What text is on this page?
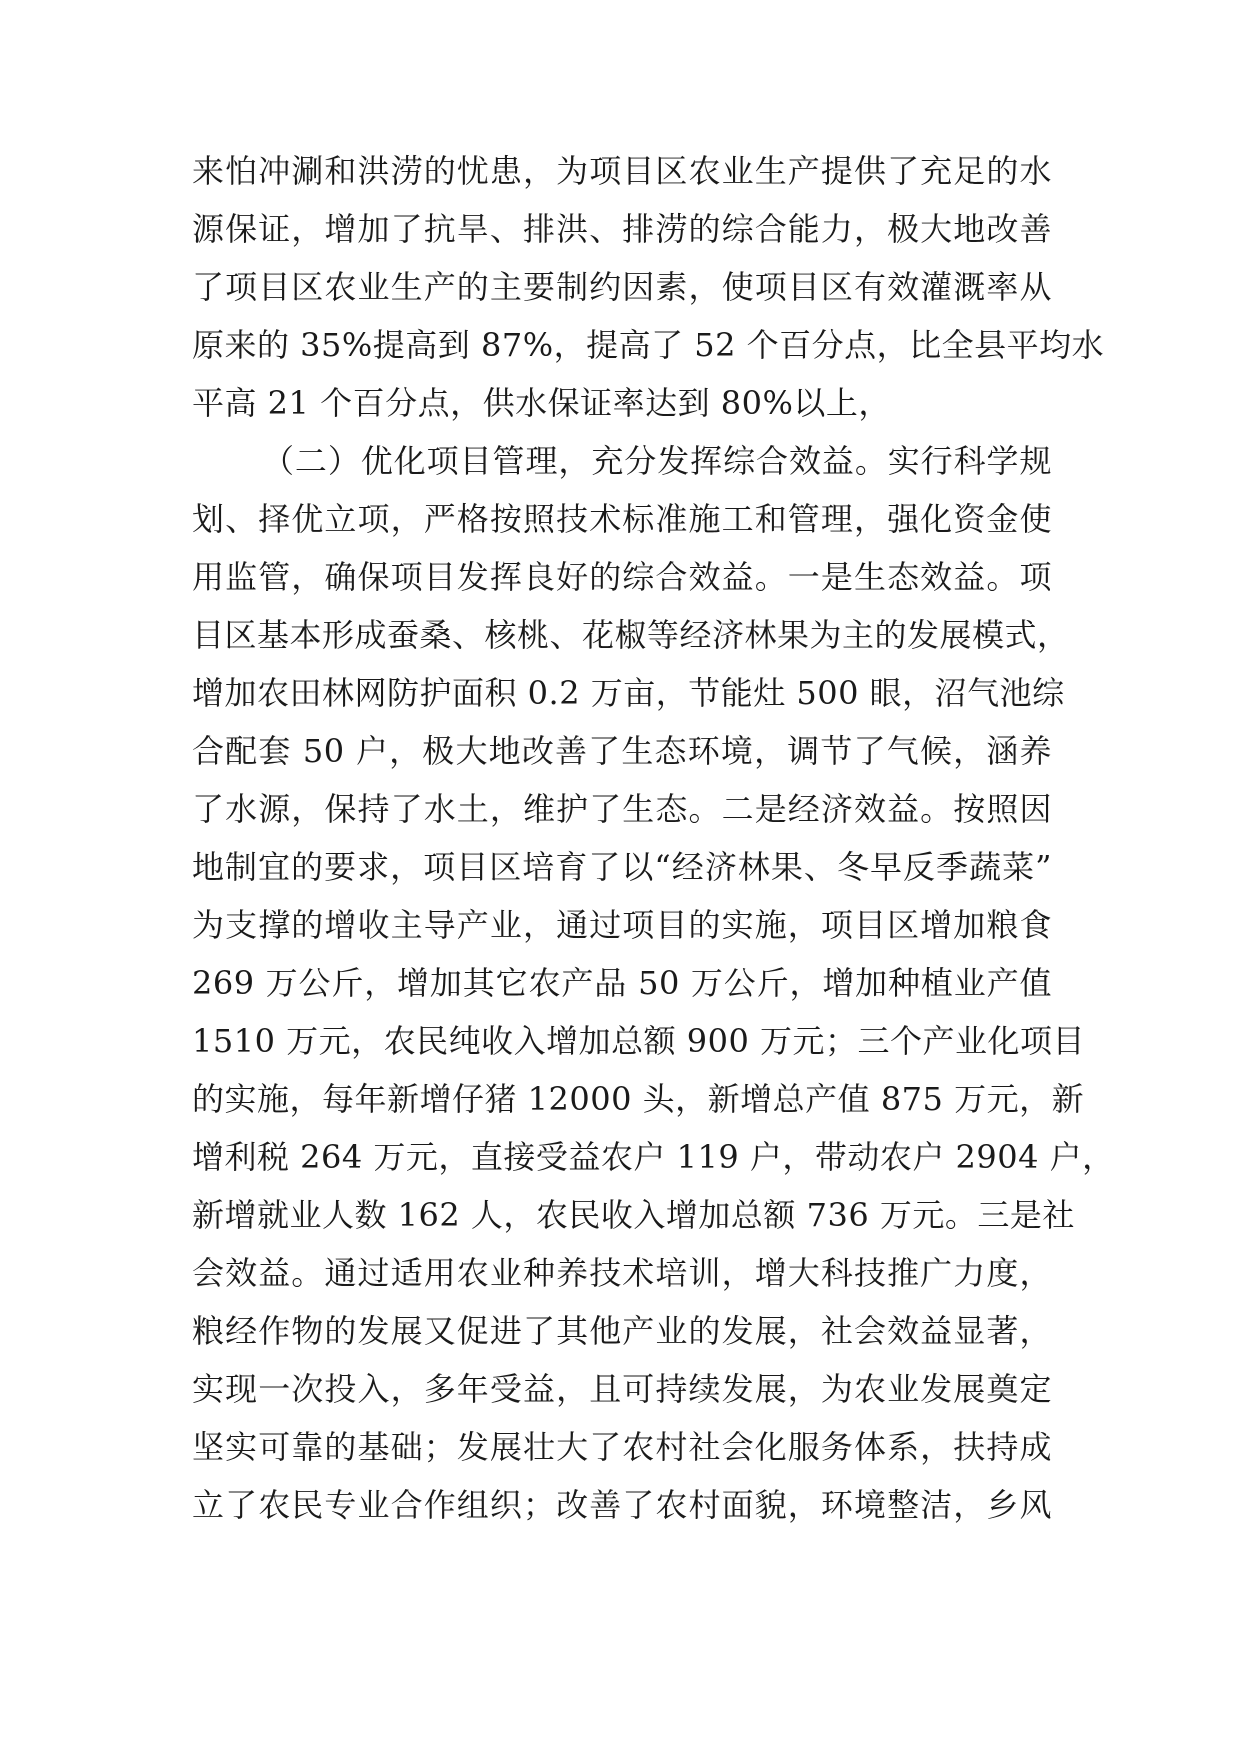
来怕冲涮和洪涝的忧患，为项目区农业生产提供了充足的水
源保证，增加了抗旱、排洪、排涝的综合能力，极大地改善
了项目区农业生产的主要制约因素，使项目区有效灌溉率从
原来的 35%提高到 87%，提高了 52 个百分点，比全县平均水
平高 21 个百分点，供水保证率达到 80%以上，
（二）优化项目管理，充分发挥综合效益。实行科学规
划、择优立项，严格按照技术标准施工和管理，强化资金使
用监管，确保项目发挥良好的综合效益。一是生态效益。项
目区基本形成蚕桑、核桃、花椒等经济林果为主的发展模式，
增加农田林网防护面积 0.2 万亩，节能灶 500 眼，沼气池综
合配套 50 户，极大地改善了生态环境，调节了气候，涵养
了水源，保持了水土，维护了生态。二是经济效益。按照因
地制宜的要求，项目区培育了以“经济林果、冬早反季蔬菜”
为支撑的增收主导产业，通过项目的实施，项目区增加粮食
269 万公斤，增加其它农产品 50 万公斤，增加种植业产值
1510 万元，农民纯收入增加总额 900 万元；三个产业化项目
的实施，每年新增仔猪 12000 头，新增总产值 875 万元，新
增利税 264 万元，直接受益农户 119 户，带动农户 2904 户，
新增就业人数 162 人，农民收入增加总额 736 万元。三是社
会效益。通过适用农业种养技术培训，增大科技推广力度，
粮经作物的发展又促进了其他产业的发展，社会效益显著，
实现一次投入，多年受益，且可持续发展，为农业发展奠定
坚实可靠的基础；发展壮大了农村社会化服务体系，扶持成
立了农民专业合作组织；改善了农村面貌，环境整洁，乡风
